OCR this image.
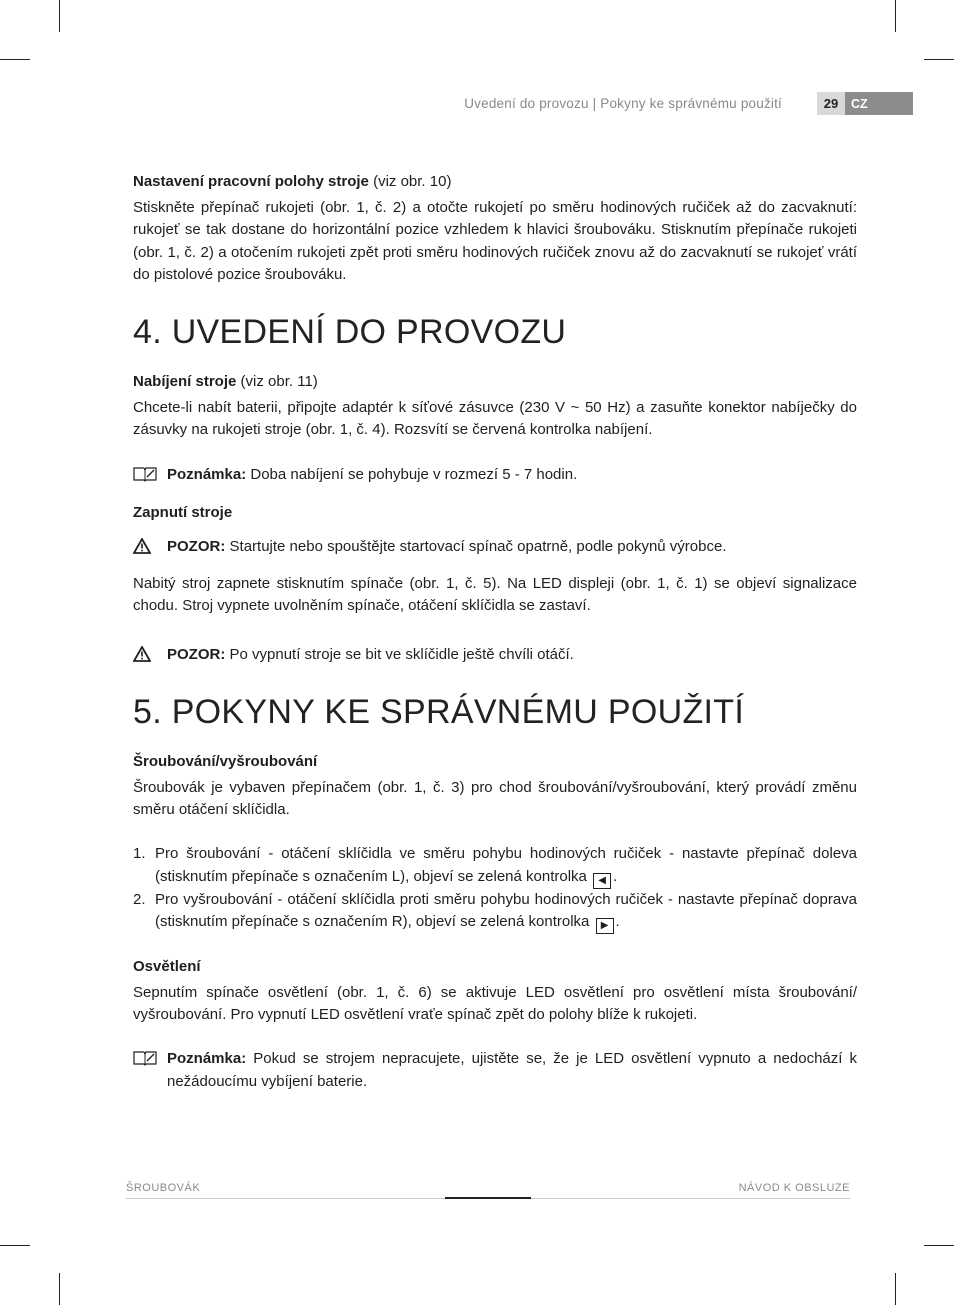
Uvedení do provozu | Pokyny ke správnému použití	29	CZ
Nastavení pracovní polohy stroje (viz obr. 10)

Stiskněte přepínač rukojeti (obr. 1, č. 2) a otočte rukojetí po směru hodinových ručiček až do zacvaknutí: rukojeť se tak dostane do horizontální pozice vzhledem k hlavici šroubováku. Stisknutím přepínače rukojeti (obr. 1, č. 2) a otočením rukojeti zpět proti směru hodinových ručiček znovu až do zacvaknutí se rukojeť vrátí do pistolové pozice šroubováku.

4. UVEDENÍ DO PROVOZU
Nabíjení stroje (viz obr. 11)

Chcete-li nabít baterii, připojte adaptér k síťové zásuvce (230 V ~ 50 Hz) a zasuňte konektor nabíječky do zásuvky na rukojeti stroje (obr. 1, č. 4). Rozsvítí se červená kontrolka nabíjení.

Poznámka: Doba nabíjení se pohybuje v rozmezí 5 - 7 hodin.
Zapnutí stroje
POZOR: Startujte nebo spouštějte startovací spínač opatrně, podle pokynů výrobce.

Nabitý stroj zapnete stisknutím spínače (obr. 1, č. 5). Na LED displeji (obr. 1, č. 1) se objeví signalizace chodu. Stroj vypnete uvolněním spínače, otáčení sklíčidla se zastaví.

POZOR: Po vypnutí stroje se bit ve sklíčidle ještě chvíli otáčí.
5. POKYNY KE SPRÁVNÉMU POUŽITÍ
Šroubování/vyšroubování

Šroubovák je vybaven přepínačem (obr. 1, č. 3) pro chod šroubování/vyšroubování, který provádí změnu směru otáčení sklíčidla.

1. Pro šroubování - otáčení sklíčidla ve směru pohybu hodinových ručiček - nastavte přepínač doleva (stisknutím přepínače s označením L), objeví se zelená kontrolka ◀ .
2. Pro vyšroubování - otáčení sklíčidla proti směru pohybu hodinových ručiček - nastavte přepínač doprava (stisknutím přepínače s označením R), objeví se zelená kontrolka ▶ .
Osvětlení

Sepnutím spínače osvětlení (obr. 1, č. 6) se aktivuje LED osvětlení pro osvětlení místa šroubování/ vyšroubování. Pro vypnutí LED osvětlení vraťe spínač zpět do polohy blíže k rukojeti.

Poznámka: Pokud se strojem nepracujete, ujistěte se, že je LED osvětlení vypnuto a nedochází k nežádoucímu vybíjení baterie.
ŠROUBOVÁK	NÁVOD K OBSLUZE
